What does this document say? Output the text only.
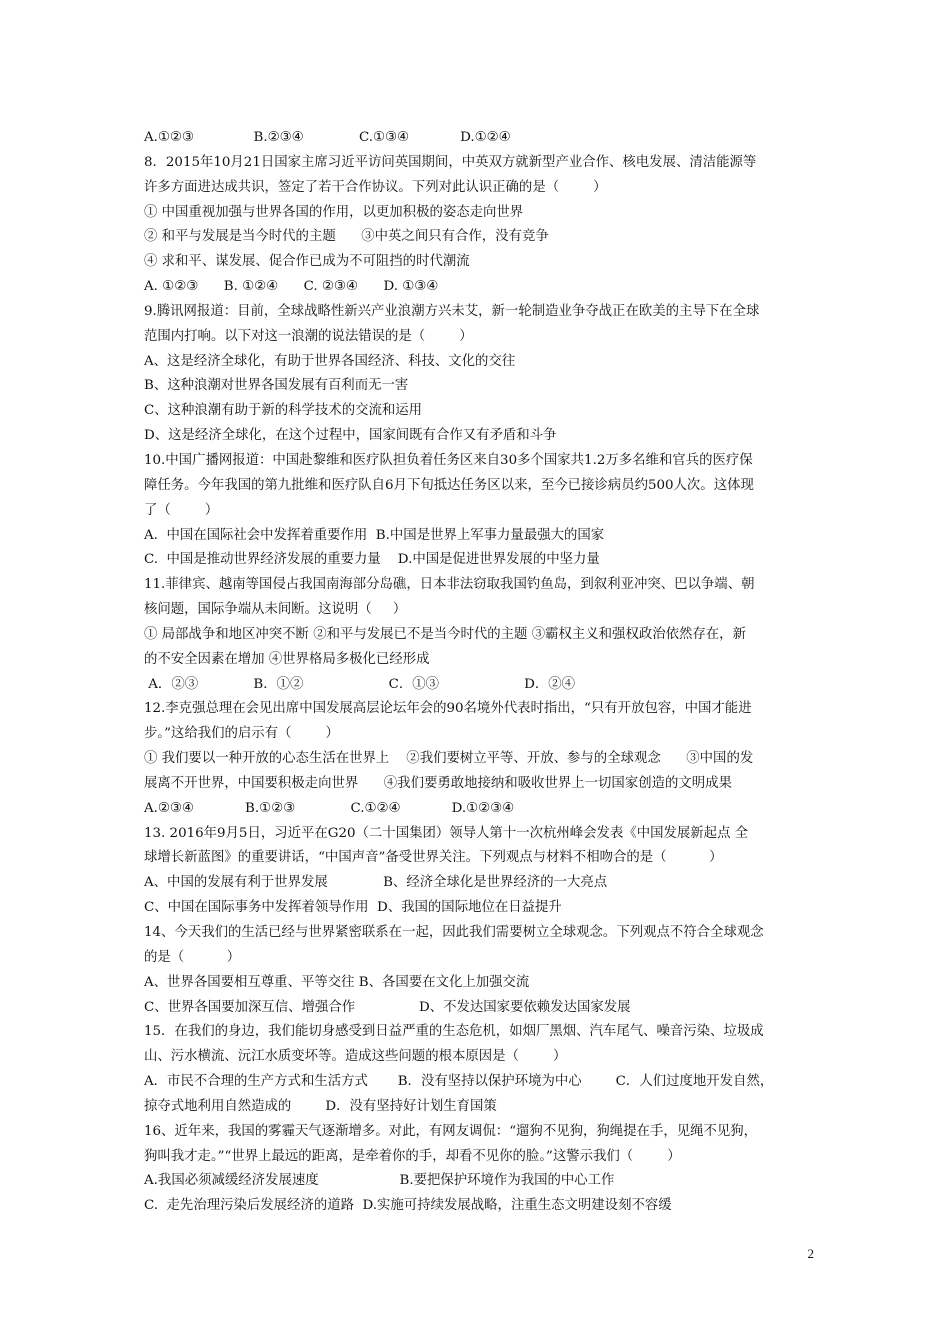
A.①②③              B.②③④             C.①③④            D.①②④
8．2015年10月21日国家主席习近平访问英国期间，中英双方就新型产业合作、核电发展、清洁能源等
许多方面进达成共识，签定了若干合作协议。下列对此认识正确的是（        ）
① 中国重视加强与世界各国的作用，以更加积极的姿态走向世界
② 和平与发展是当今时代的主题      ③中英之间只有合作，没有竞争
④ 求和平、谋发展、促合作已成为不可阻挡的时代潮流
A. ①②③      B. ①②④      C. ②③④      D. ①③④
9.腾讯网报道：目前，全球战略性新兴产业浪潮方兴未艾，新一轮制造业争夺战正在欧美的主导下在全球
范围内打响。以下对这一浪潮的说法错误的是（        ）
A、这是经济全球化，有助于世界各国经济、科技、文化的交往
B、这种浪潮对世界各国发展有百利而无一害
C、这种浪潮有助于新的科学技术的交流和运用
D、这是经济全球化，在这个过程中，国家间既有合作又有矛盾和斗争
10.中国广播网报道：中国赴黎维和医疗队担负着任务区来自30多个国家共1.2万多名维和官兵的医疗保
障任务。今年我国的第九批维和医疗队自6月下旬抵达任务区以来，至今已接诊病员约500人次。这体现
了（        ）
A.  中国在国际社会中发挥着重要作用  B.中国是世界上军事力量最强大的国家
C.  中国是推动世界经济发展的重要力量    D.中国是促进世界发展的中坚力量
11.菲律宾、越南等国侵占我国南海部分岛礁，日本非法窃取我国钓鱼岛，到叙利亚冲突、巴以争端、朝
核问题，国际争端从未间断。这说明（     ）
① 局部战争和地区冲突不断 ②和平与发展已不是当今时代的主题 ③霸权主义和强权政治依然存在，新
的不安全因素在增加 ④世界格局多极化已经形成
A．②③             B．①②                    C．①③                    D．②④
12.李克强总理在会见出席中国发展高层论坛年会的90名境外代表时指出，“只有开放包容，中国才能进
步。”这给我们的启示有（        ）
① 我们要以一种开放的心态生活在世界上    ②我们要树立平等、开放、参与的全球观念      ③中国的发
展离不开世界，中国要积极走向世界      ④我们要勇敢地接纳和吸收世界上一切国家创造的文明成果
A.②③④            B.①②③             C.①②④            D.①②③④
13. 2016年9月5日，习近平在G20（二十国集团）领导人第十一次杭州峰会发表《中国发展新起点 全
球增长新蓝图》的重要讲话，“中国声音”备受世界关注。下列观点与材料不相吻合的是（          ）
A、中国的发展有利于世界发展             B、经济全球化是世界经济的一大亮点
C、中国在国际事务中发挥着领导作用  D、我国的国际地位在日益提升
14、今天我们的生活已经与世界紧密联系在一起，因此我们需要树立全球观念。下列观点不符合全球观念
的是（          ）
A、世界各国要相互尊重、平等交往 B、各国要在文化上加强交流
C、世界各国要加深互信、增强合作               D、不发达国家要依赖发达国家发展
15．在我们的身边，我们能切身感受到日益严重的生态危机，如烟厂黑烟、汽车尾气、噪音污染、垃圾成
山、污水横流、沅江水质变坏等。造成这些问题的根本原因是（        ）
A．市民不合理的生产方式和生活方式       B．没有坚持以保护环境为中心        C．人们过度地开发自然，
掠夺式地利用自然造成的        D．没有坚持好计划生育国策
16、近年来，我国的雾霾天气逐渐增多。对此，有网友调侃：“遛狗不见狗，狗绳提在手，见绳不见狗，
狗叫我才走。”“世界上最远的距离，是牵着你的手，却看不见你的脸。”这警示我们（        ）
A.我国必须减缓经济发展速度                   B.要把保护环境作为我国的中心工作
C.  走先治理污染后发展经济的道路  D.实施可持续发展战略，注重生态文明建设刻不容缓
2
